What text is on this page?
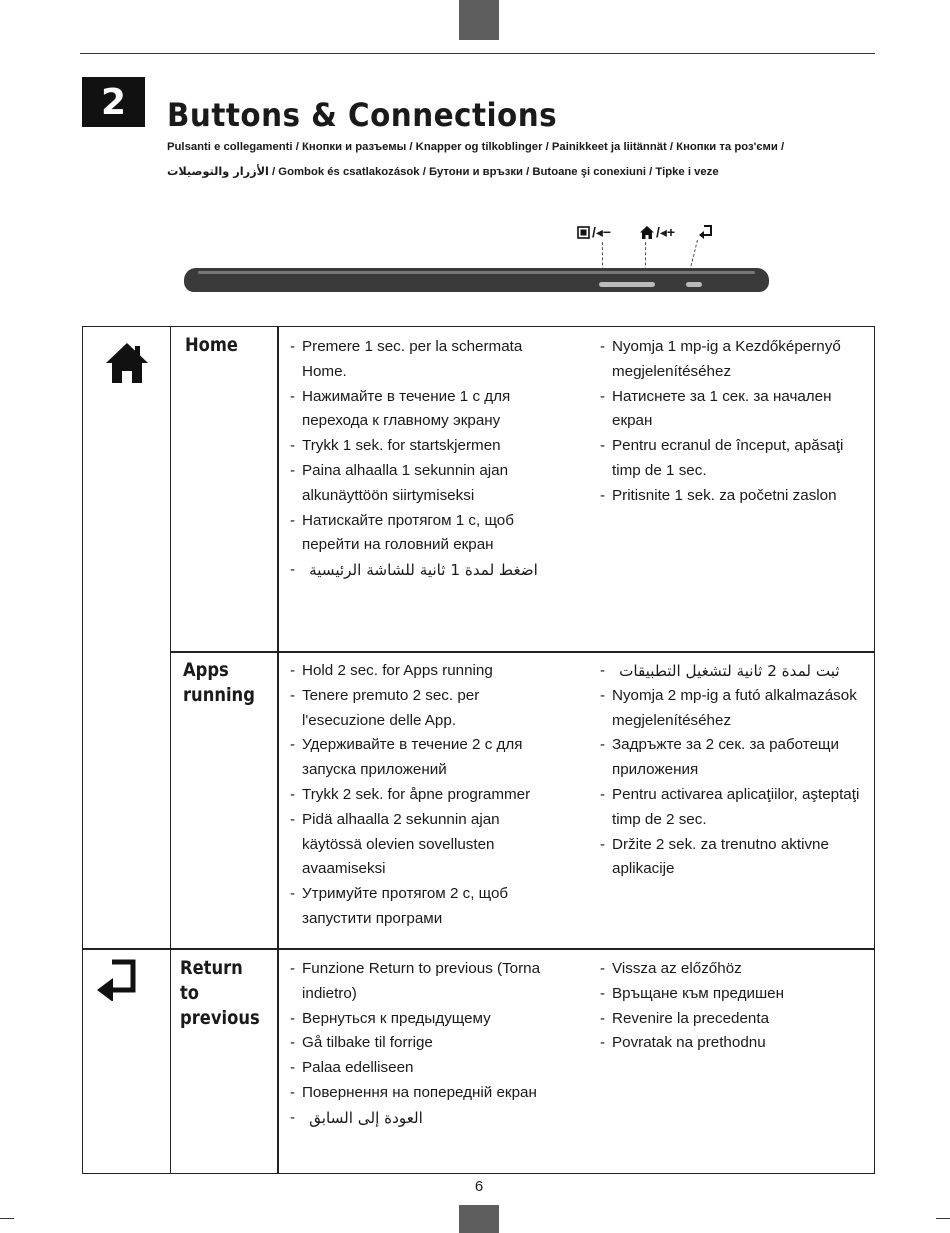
2 Buttons & Connections
Pulsanti e collegamenti / Кнопки и разъемы / Knapper og tilkoblinger / Painikkeet ja liitännät / Кнопки та роз'єми /
الأزرار والتوصيلات / Gombok és csatlakozások / Бутони и връзки / Butoane şi conexiuni / Tipke i veze
/◂−	/◂+
Home
Apps running
Return to previous
- Premere 1 sec. per la schermata Home.
- Нажимайте в течение 1 с для перехода к главному экрану
- Trykk 1 sek. for startskjermen
- Paina alhaalla 1 sekunnin ajan alkunäyttöön siirtymiseksi
- Натискайте протягом 1 с, щоб перейти на головний екран
- اضغط لمدة 1 ثانية للشاشة الرئيسية
- Nyomja 1 mp-ig a Kezdőképernyő megjelenítéséhez
- Натиснете за 1 сек. за начален екран
- Pentru ecranul de început, apăsaţi timp de 1 sec.
- Pritisnite 1 sek. za početni zaslon
- Hold 2 sec. for Apps running
- Tenere premuto 2 sec. per l'esecuzione delle App.
- Удерживайте в течение 2 с для запуска приложений
- Trykk 2 sek. for åpne programmer
- Pidä alhaalla 2 sekunnin ajan käytössä olevien sovellusten avaamiseksi
- Утримуйте протягом 2 с, щоб запустити програми
- ثبت لمدة 2 ثانية لتشغيل التطبيقات
- Nyomja 2 mp-ig a futó alkalmazások megjelenítéséhez
- Задръжте за 2 сек. за работещи приложения
- Pentru activarea aplicaţiilor, aşteptaţi timp de 2 sec.
- Držite 2 sek. za trenutno aktivne aplikacije
- Funzione Return to previous (Torna indietro)
- Вернуться к предыдущему
- Gå tilbake til forrige
- Palaa edelliseen
- Повернення на попередній екран
- العودة إلى السابق
- Vissza az előzőhöz
- Връщане към предишен
- Revenire la precedenta
- Povratak na prethodnu
6
